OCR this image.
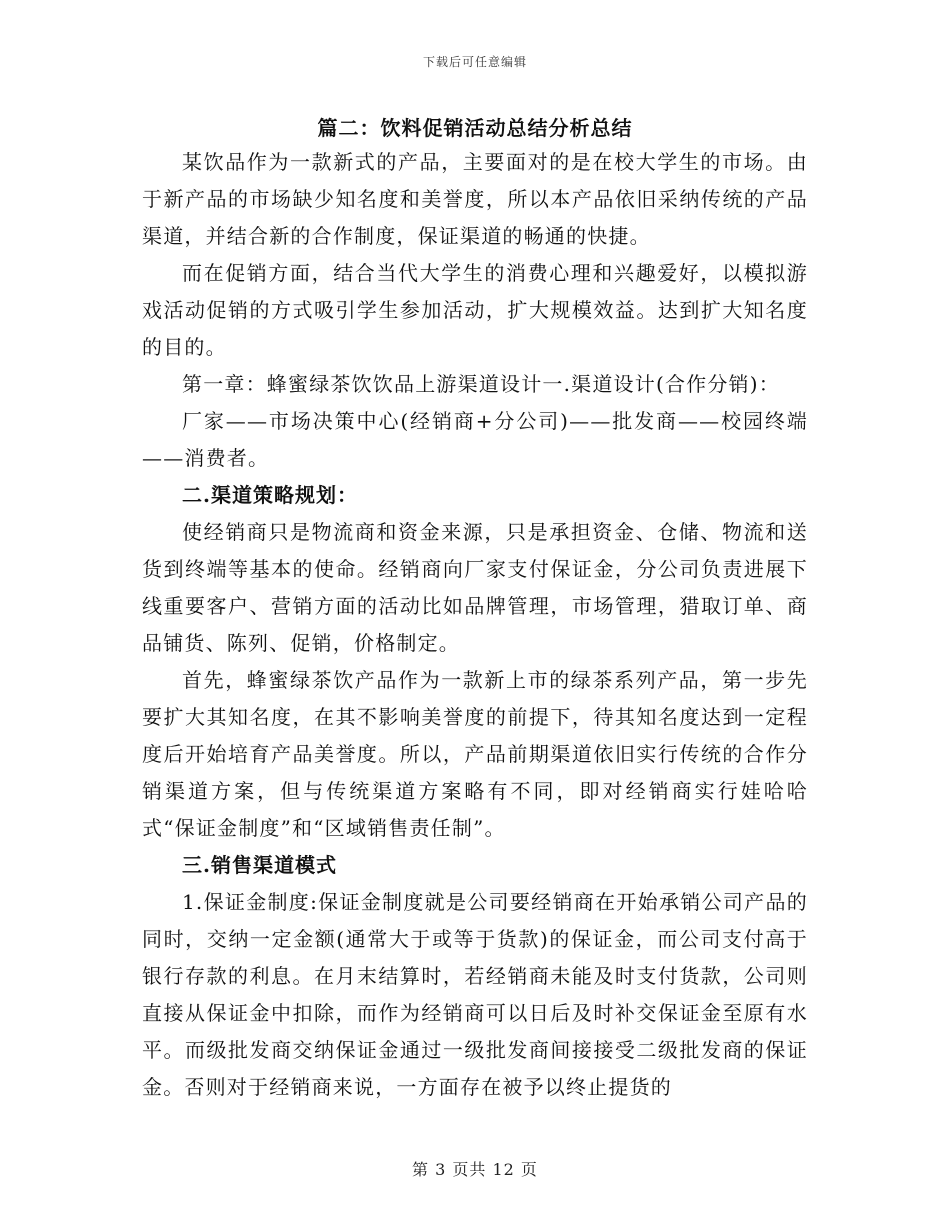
下载后可任意编辑
篇二：饮料促销活动总结分析总结

某饮品作为一款新式的产品，主要面对的是在校大学生的市场。由于新产品的市场缺少知名度和美誉度，所以本产品依旧采纳传统的产品渠道，并结合新的合作制度，保证渠道的畅通的快捷。

而在促销方面，结合当代大学生的消费心理和兴趣爱好，以模拟游戏活动促销的方式吸引学生参加活动，扩大规模效益。达到扩大知名度的目的。

第一章：蜂蜜绿茶饮饮品上游渠道设计一.渠道设计(合作分销)：

厂家——市场决策中心(经销商+分公司)——批发商——校园终端——消费者。

二.渠道策略规划：

使经销商只是物流商和资金来源，只是承担资金、仓储、物流和送货到终端等基本的使命。经销商向厂家支付保证金，分公司负责进展下线重要客户、营销方面的活动比如品牌管理，市场管理，猎取订单、商品铺货、陈列、促销，价格制定。

首先，蜂蜜绿茶饮产品作为一款新上市的绿茶系列产品，第一步先要扩大其知名度，在其不影响美誉度的前提下，待其知名度达到一定程度后开始培育产品美誉度。所以，产品前期渠道依旧实行传统的合作分销渠道方案，但与传统渠道方案略有不同，即对经销商实行娃哈哈式“保证金制度”和“区域销售责任制”。

三.销售渠道模式

1.保证金制度:保证金制度就是公司要经销商在开始承销公司产品的同时，交纳一定金额(通常大于或等于货款)的保证金，而公司支付高于银行存款的利息。在月末结算时，若经销商未能及时支付货款，公司则直接从保证金中扣除，而作为经销商可以日后及时补交保证金至原有水平。而级批发商交纳保证金通过一级批发商间接接受二级批发商的保证金。否则对于经销商来说，一方面存在被予以终止提货的

第 3 页共 12 页
